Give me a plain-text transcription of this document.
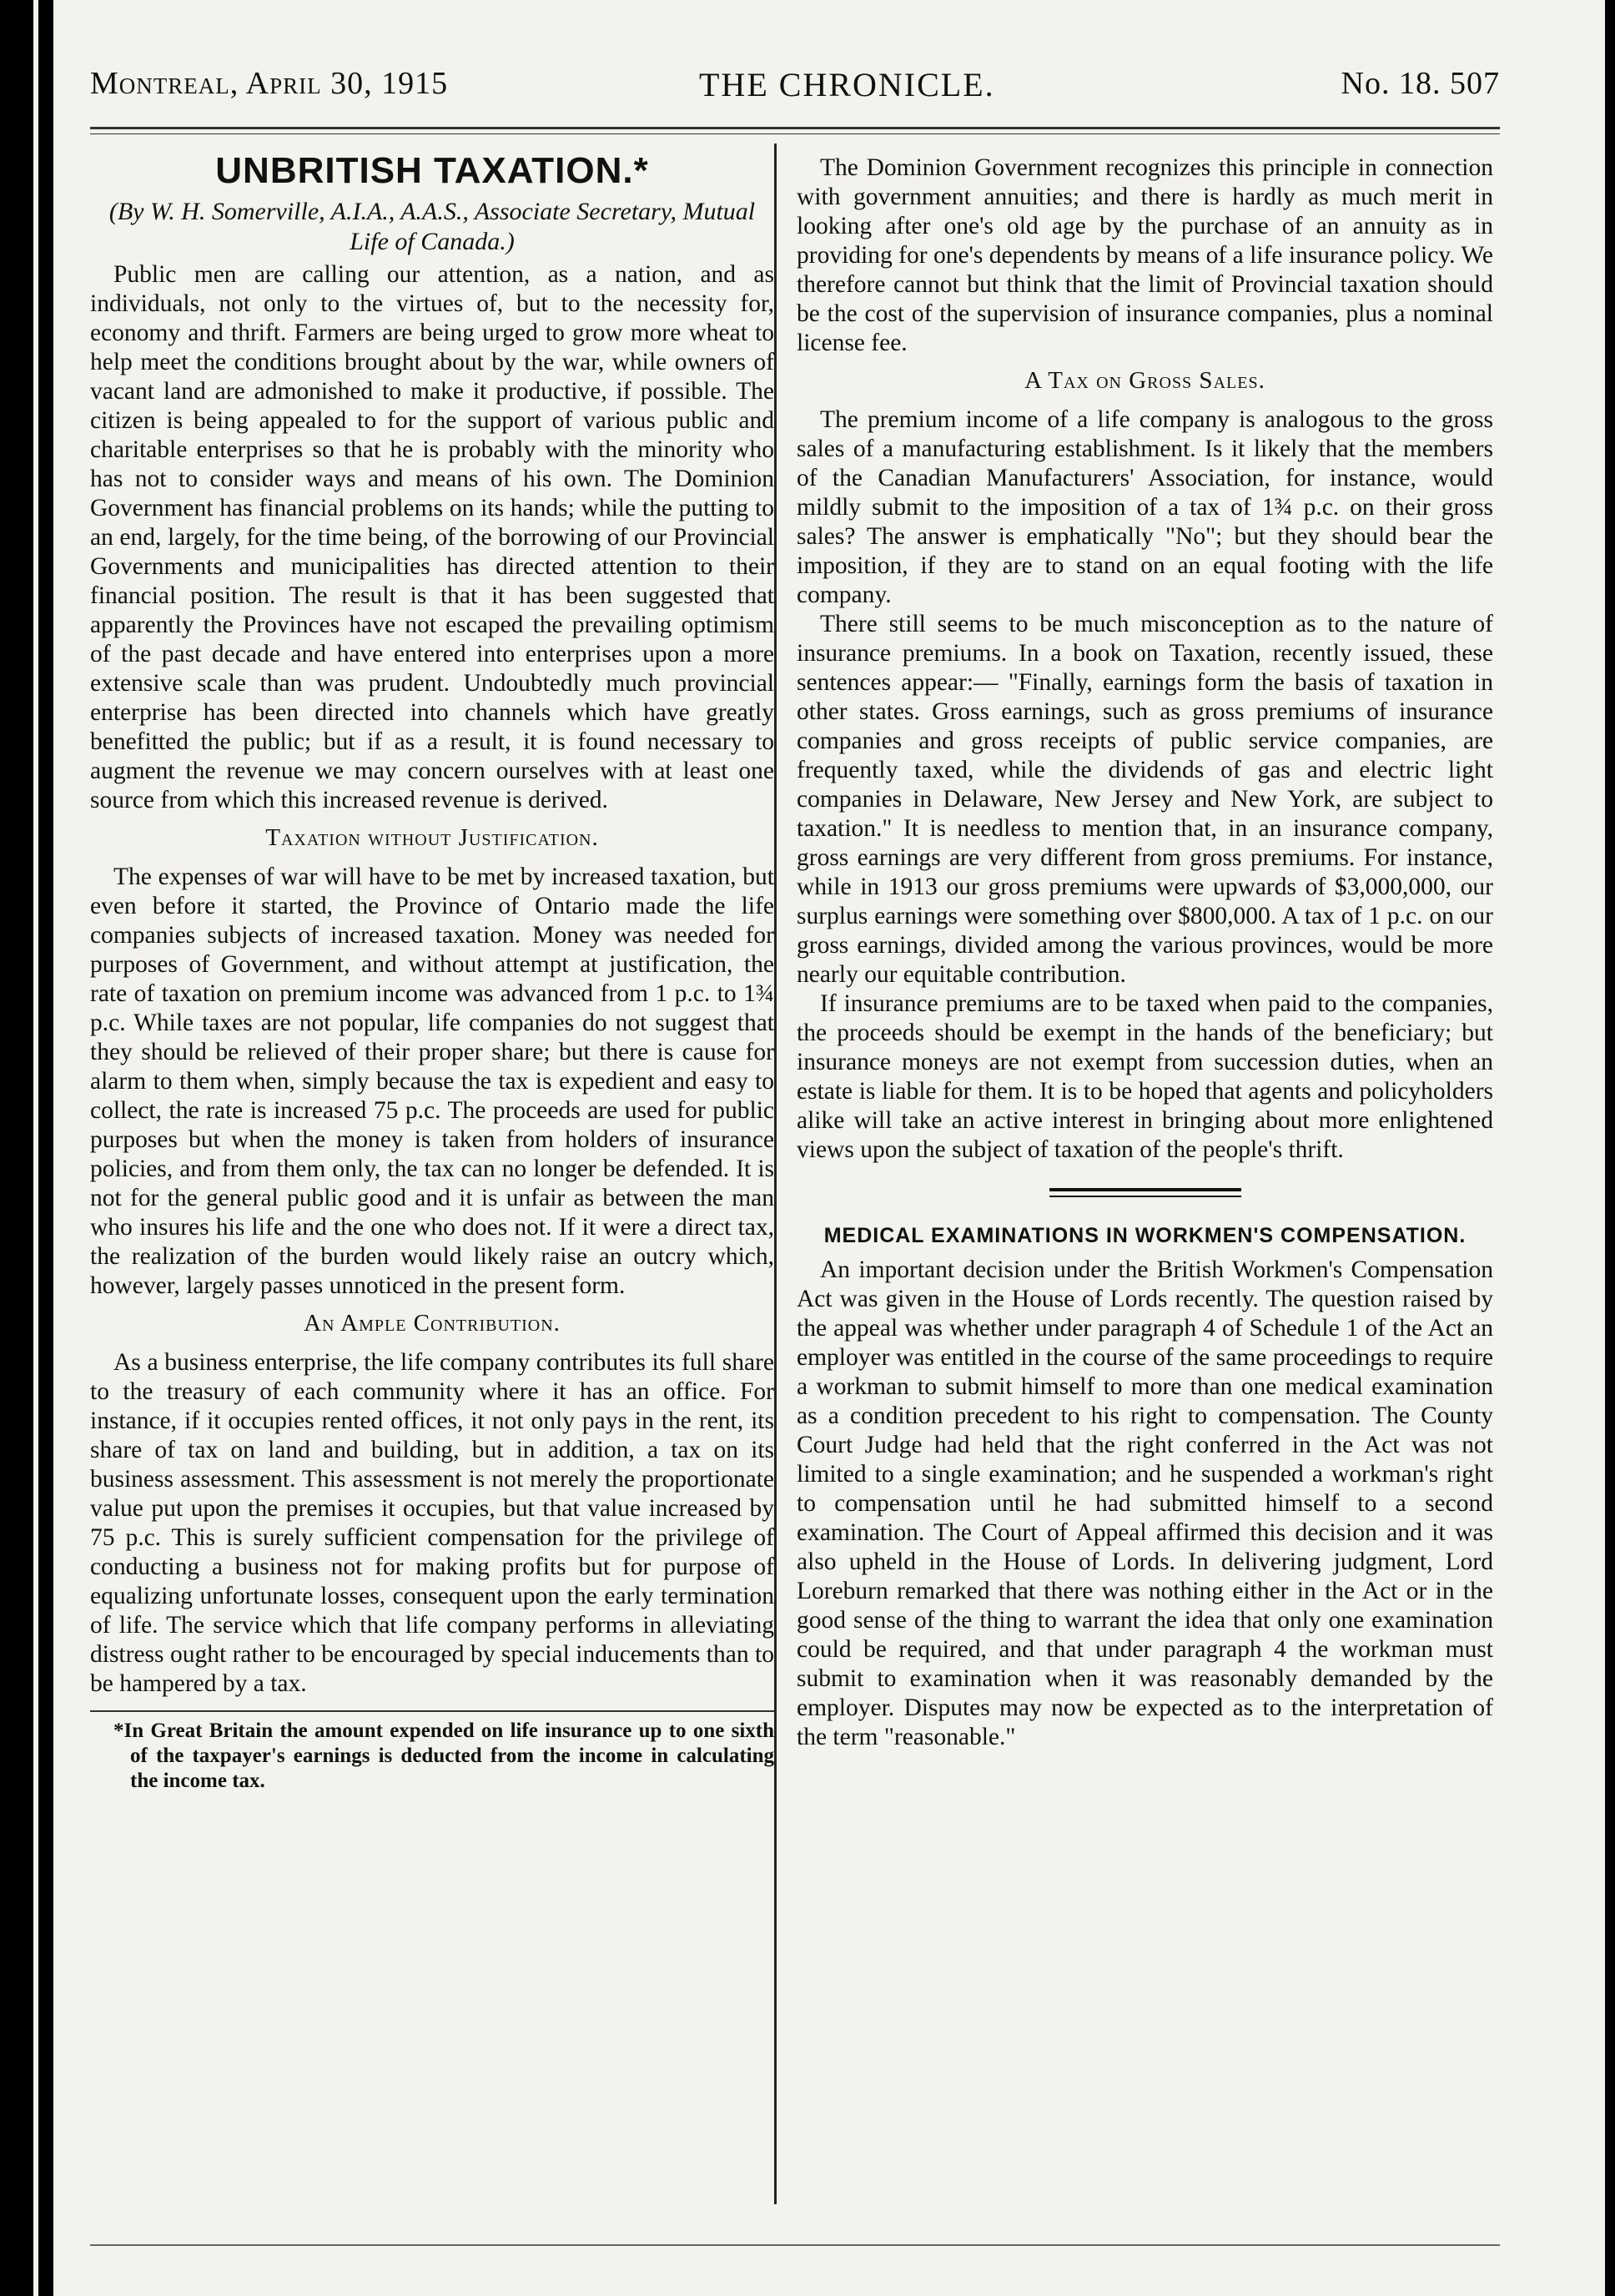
Montreal, April 30, 1915	THE CHRONICLE.	No. 18. 507
UNBRITISH TAXATION.*
(By W. H. Somerville, A.I.A., A.A.S., Associate Secretary, Mutual Life of Canada.)

Public men are calling our attention, as a nation, and as individuals, not only to the virtues of, but to the necessity for, economy and thrift. Farmers are being urged to grow more wheat to help meet the conditions brought about by the war, while owners of vacant land are admonished to make it productive, if possible. The citizen is being appealed to for the support of various public and charitable enterprises so that he is probably with the minority who has not to consider ways and means of his own. The Dominion Government has financial problems on its hands; while the putting to an end, largely, for the time being, of the borrowing of our Provincial Governments and municipalities has directed attention to their financial position. The result is that it has been suggested that apparently the Provinces have not escaped the prevailing optimism of the past decade and have entered into enterprises upon a more extensive scale than was prudent. Undoubtedly much provincial enterprise has been directed into channels which have greatly benefitted the public; but if as a result, it is found necessary to augment the revenue we may concern ourselves with at least one source from which this increased revenue is derived.

Taxation without Justification.

The expenses of war will have to be met by increased taxation, but even before it started, the Province of Ontario made the life companies subjects of increased taxation. Money was needed for purposes of Government, and without attempt at justification, the rate of taxation on premium income was advanced from 1 p.c. to 1¾ p.c. While taxes are not popular, life companies do not suggest that they should be relieved of their proper share; but there is cause for alarm to them when, simply because the tax is expedient and easy to collect, the rate is increased 75 p.c. The proceeds are used for public purposes but when the money is taken from holders of insurance policies, and from them only, the tax can no longer be defended. It is not for the general public good and it is unfair as between the man who insures his life and the one who does not. If it were a direct tax, the realization of the burden would likely raise an outcry which, however, largely passes unnoticed in the present form.

An Ample Contribution.

As a business enterprise, the life company contributes its full share to the treasury of each community where it has an office. For instance, if it occupies rented offices, it not only pays in the rent, its share of tax on land and building, but in addition, a tax on its business assessment. This assessment is not merely the proportionate value put upon the premises it occupies, but that value increased by 75 p.c. This is surely sufficient compensation for the privilege of conducting a business not for making profits but for purpose of equalizing unfortunate losses, consequent upon the early termination of life. The service which that life company performs in alleviating distress ought rather to be encouraged by special inducements than to be hampered by a tax.

*In Great Britain the amount expended on life insurance up to one sixth of the taxpayer's earnings is deducted from the income in calculating the income tax.

The Dominion Government recognizes this principle in connection with government annuities; and there is hardly as much merit in looking after one's old age by the purchase of an annuity as in providing for one's dependents by means of a life insurance policy. We therefore cannot but think that the limit of Provincial taxation should be the cost of the supervision of insurance companies, plus a nominal license fee.

A Tax on Gross Sales.

The premium income of a life company is analogous to the gross sales of a manufacturing establishment. Is it likely that the members of the Canadian Manufacturers' Association, for instance, would mildly submit to the imposition of a tax of 1¾ p.c. on their gross sales? The answer is emphatically "No"; but they should bear the imposition, if they are to stand on an equal footing with the life company.

There still seems to be much misconception as to the nature of insurance premiums. In a book on Taxation, recently issued, these sentences appear:— "Finally, earnings form the basis of taxation in other states. Gross earnings, such as gross premiums of insurance companies and gross receipts of public service companies, are frequently taxed, while the dividends of gas and electric light companies in Delaware, New Jersey and New York, are subject to taxation." It is needless to mention that, in an insurance company, gross earnings are very different from gross premiums. For instance, while in 1913 our gross premiums were upwards of $3,000,000, our surplus earnings were something over $800,000. A tax of 1 p.c. on our gross earnings, divided among the various provinces, would be more nearly our equitable contribution.

If insurance premiums are to be taxed when paid to the companies, the proceeds should be exempt in the hands of the beneficiary; but insurance moneys are not exempt from succession duties, when an estate is liable for them. It is to be hoped that agents and policyholders alike will take an active interest in bringing about more enlightened views upon the subject of taxation of the people's thrift.

MEDICAL EXAMINATIONS IN WORKMEN'S COMPENSATION.

An important decision under the British Workmen's Compensation Act was given in the House of Lords recently. The question raised by the appeal was whether under paragraph 4 of Schedule 1 of the Act an employer was entitled in the course of the same proceedings to require a workman to submit himself to more than one medical examination as a condition precedent to his right to compensation. The County Court Judge had held that the right conferred in the Act was not limited to a single examination; and he suspended a workman's right to compensation until he had submitted himself to a second examination. The Court of Appeal affirmed this decision and it was also upheld in the House of Lords. In delivering judgment, Lord Loreburn remarked that there was nothing either in the Act or in the good sense of the thing to warrant the idea that only one examination could be required, and that under paragraph 4 the workman must submit to examination when it was reasonably demanded by the employer. Disputes may now be expected as to the interpretation of the term "reasonable."
